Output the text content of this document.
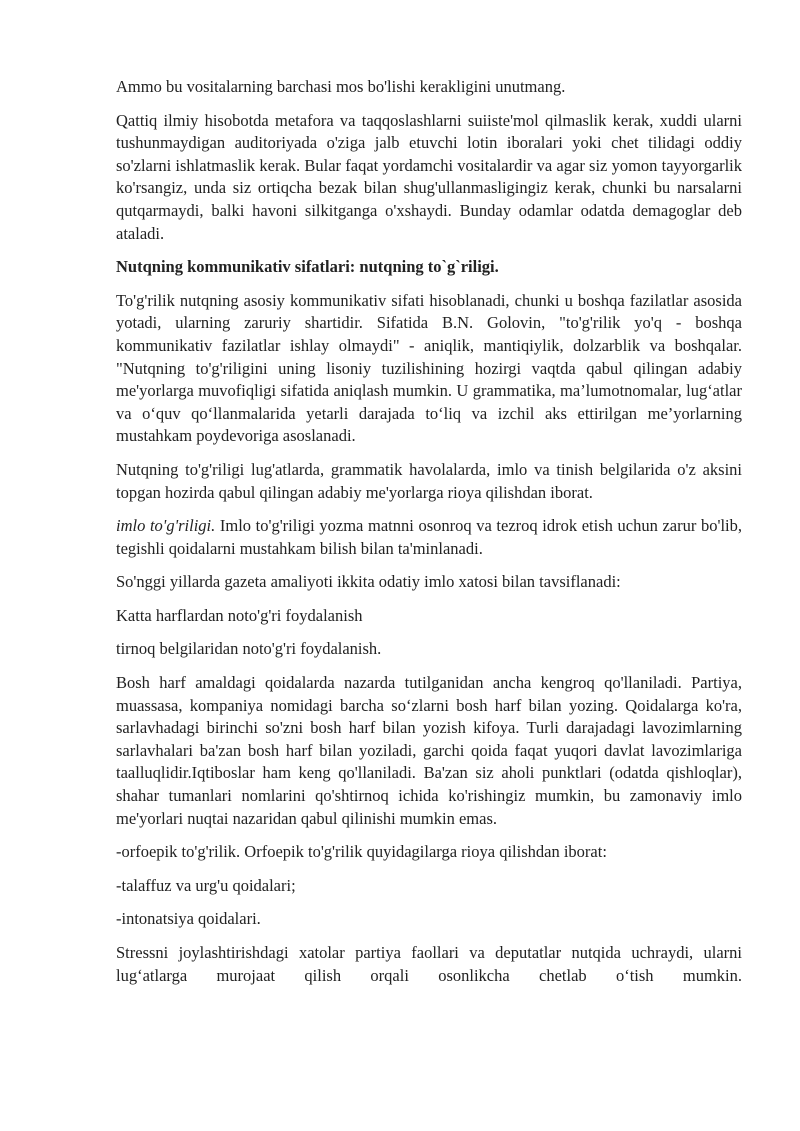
Ammo bu vositalarning barchasi mos bo'lishi kerakligini unutmang.

Qattiq ilmiy hisobotda metafora va taqqoslashlarni suiiste'mol qilmaslik kerak, xuddi ularni tushunmaydigan auditoriyada o'ziga jalb etuvchi lotin iboralari yoki chet tilidagi oddiy so'zlarni ishlatmaslik kerak. Bular faqat yordamchi vositalardir va agar siz yomon tayyorgarlik ko'rsangiz, unda siz ortiqcha bezak bilan shug'ullanmasligingiz kerak, chunki bu narsalarni qutqarmaydi, balki havoni silkitganga o'xshaydi. Bunday odamlar odatda demagoglar deb ataladi.

Nutqning kommunikativ sifatlari: nutqning to`g`riligi.

To'g'rilik nutqning asosiy kommunikativ sifati hisoblanadi, chunki u boshqa fazilatlar asosida yotadi, ularning zaruriy shartidir. Sifatida B.N. Golovin, "to'g'rilik yo'q - boshqa kommunikativ fazilatlar ishlay olmaydi" - aniqlik, mantiqiylik, dolzarblik va boshqalar. "Nutqning to'g'riligini uning lisoniy tuzilishining hozirgi vaqtda qabul qilingan adabiy me'yorlarga muvofiqligi sifatida aniqlash mumkin. U grammatika, ma’lumotnomalar, lug‘atlar va o‘quv qo‘llanmalarida yetarli darajada to‘liq va izchil aks ettirilgan me’yorlarning mustahkam poydevoriga asoslanadi.

Nutqning to'g'riligi lug'atlarda, grammatik havolalarda, imlo va tinish belgilarida o'z aksini topgan hozirda qabul qilingan adabiy me'yorlarga rioya qilishdan iborat.

imlo to'g'riligi. Imlo to'g'riligi yozma matnni osonroq va tezroq idrok etish uchun zarur bo'lib, tegishli qoidalarni mustahkam bilish bilan ta'minlanadi.

So'nggi yillarda gazeta amaliyoti ikkita odatiy imlo xatosi bilan tavsiflanadi:

Katta harflardan noto'g'ri foydalanish

tirnoq belgilaridan noto'g'ri foydalanish.

Bosh harf amaldagi qoidalarda nazarda tutilganidan ancha kengroq qo'llaniladi. Partiya, muassasa, kompaniya nomidagi barcha so‘zlarni bosh harf bilan yozing. Qoidalarga ko'ra, sarlavhadagi birinchi so'zni bosh harf bilan yozish kifoya. Turli darajadagi lavozimlarning sarlavhalari ba'zan bosh harf bilan yoziladi, garchi qoida faqat yuqori davlat lavozimlariga taalluqlidir.Iqtiboslar ham keng qo'llaniladi. Ba'zan siz aholi punktlari (odatda qishloqlar), shahar tumanlari nomlarini qo'shtirnoq ichida ko'rishingiz mumkin, bu zamonaviy imlo me'yorlari nuqtai nazaridan qabul qilinishi mumkin emas.

-orfoepik to'g'rilik. Orfoepik to'g'rilik quyidagilarga rioya qilishdan iborat:

-talaffuz va urg'u qoidalari;

-intonatsiya qoidalari.

Stressni joylashtirishdagi xatolar partiya faollari va deputatlar nutqida uchraydi, ularni lug‘atlarga murojaat qilish orqali osonlikcha chetlab o‘tish mumkin.
